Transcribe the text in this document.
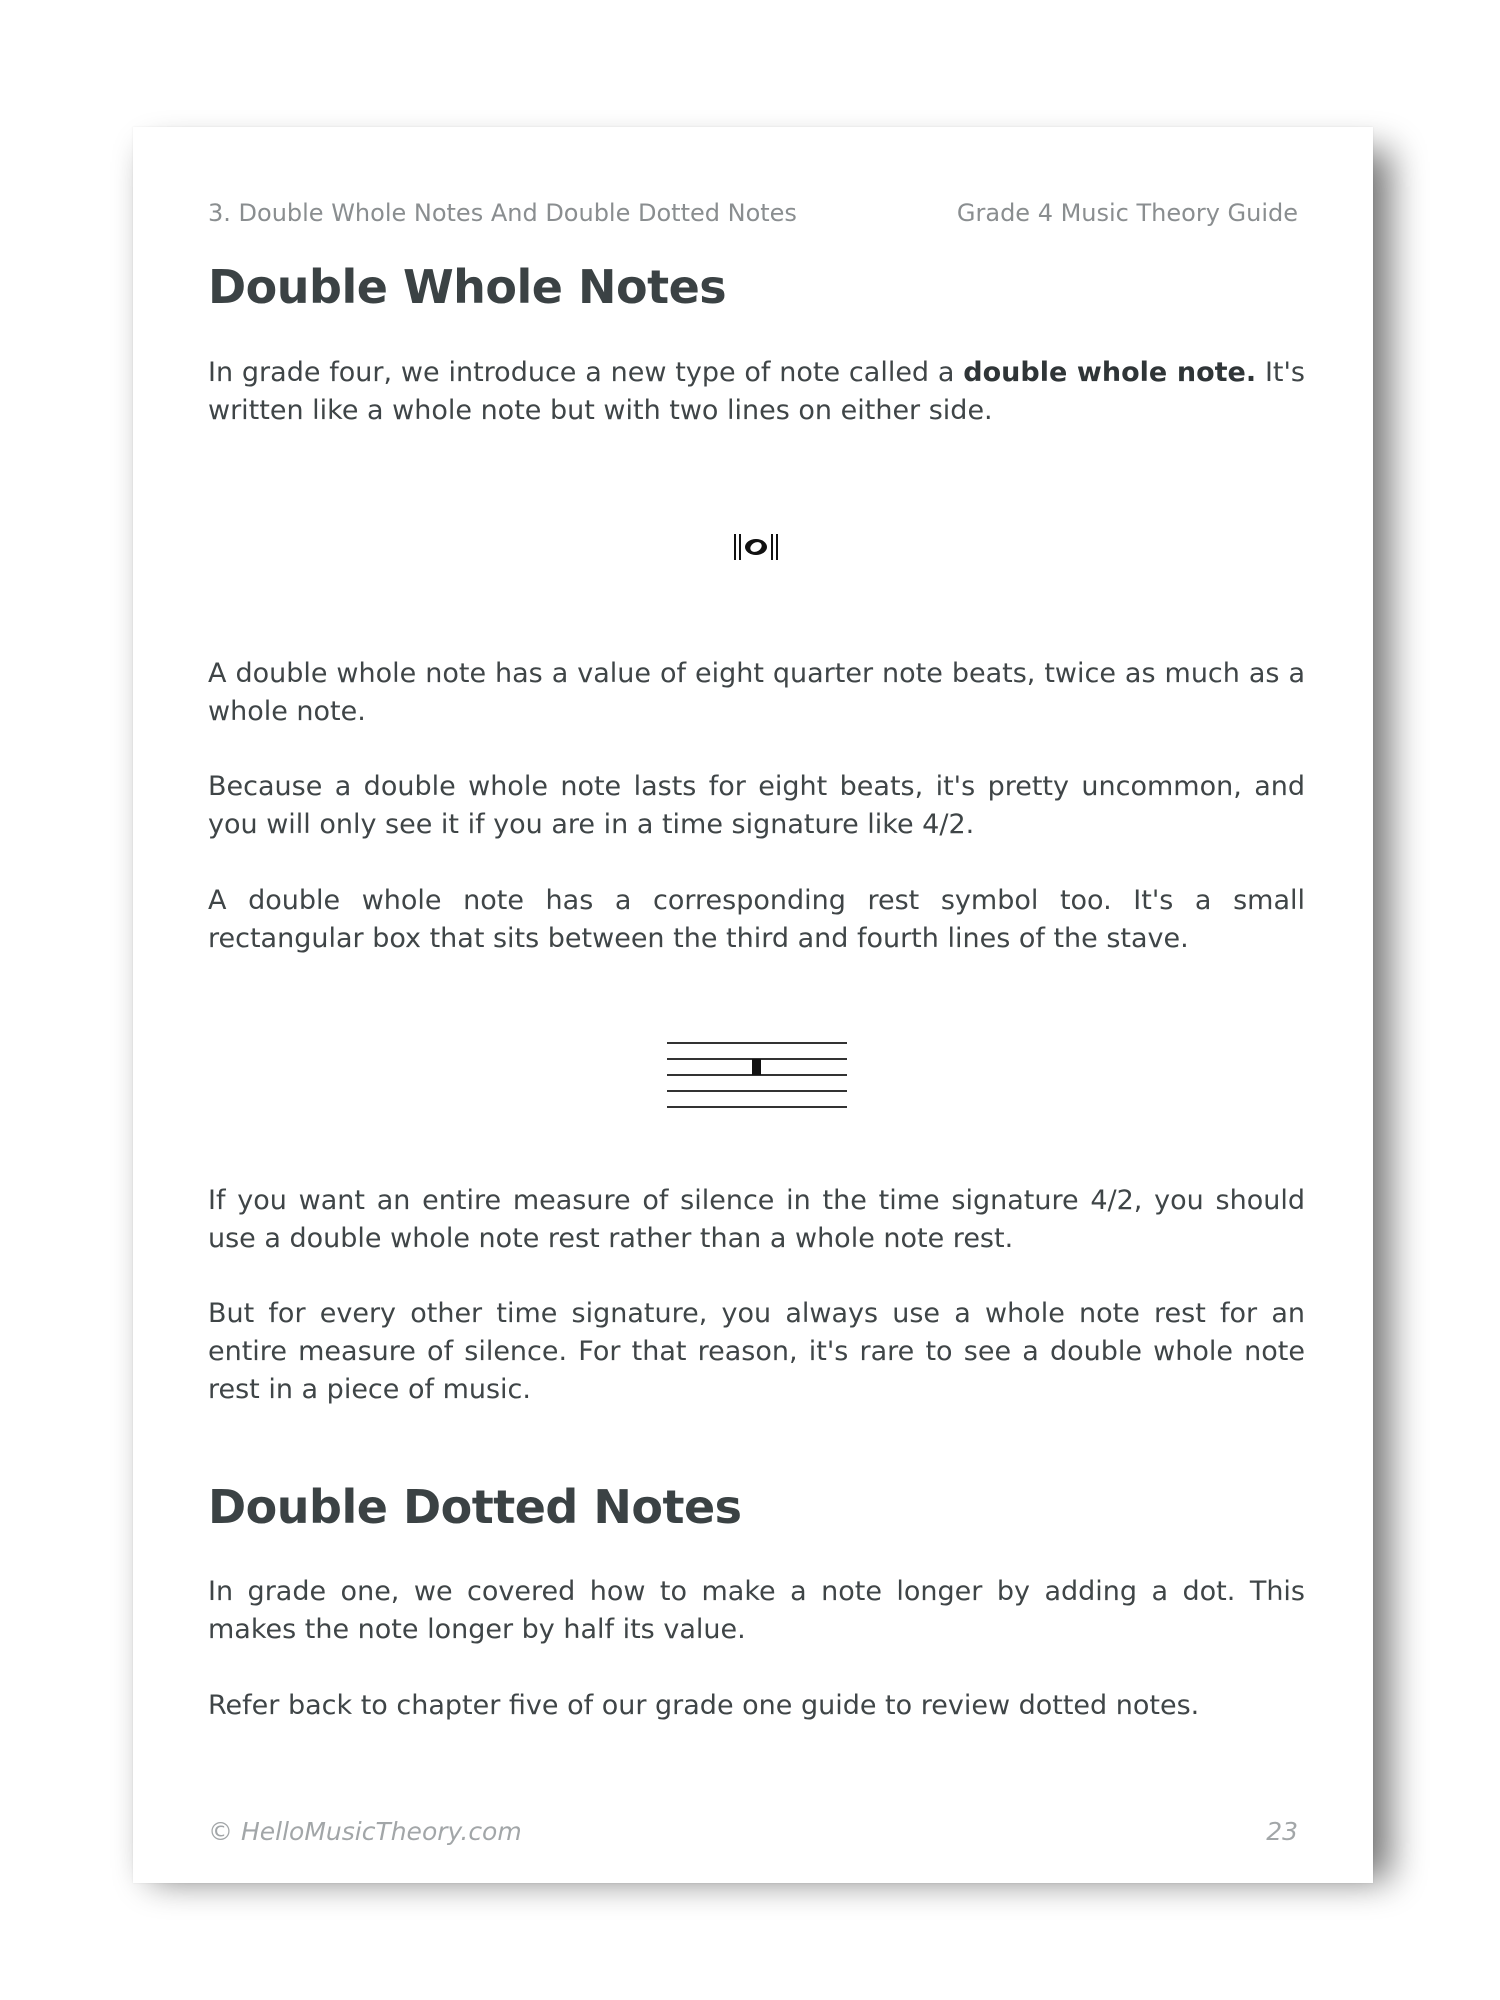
3. Double Whole Notes And Double Dotted Notes	Grade 4 Music Theory Guide
Double Whole Notes

In grade four, we introduce a new type of note called a double whole note. It's written like a whole note but with two lines on either side.

A double whole note has a value of eight quarter note beats, twice as much as a whole note.

Because a double whole note lasts for eight beats, it's pretty uncommon, and you will only see it if you are in a time signature like 4/2.

A double whole note has a corresponding rest symbol too. It's a small rectangular box that sits between the third and fourth lines of the stave.

If you want an entire measure of silence in the time signature 4/2, you should use a double whole note rest rather than a whole note rest.

But for every other time signature, you always use a whole note rest for an entire measure of silence. For that reason, it's rare to see a double whole note rest in a piece of music.

Double Dotted Notes

In grade one, we covered how to make a note longer by adding a dot. This makes the note longer by half its value.

Refer back to chapter five of our grade one guide to review dotted notes.

© HelloMusicTheory.com	23
